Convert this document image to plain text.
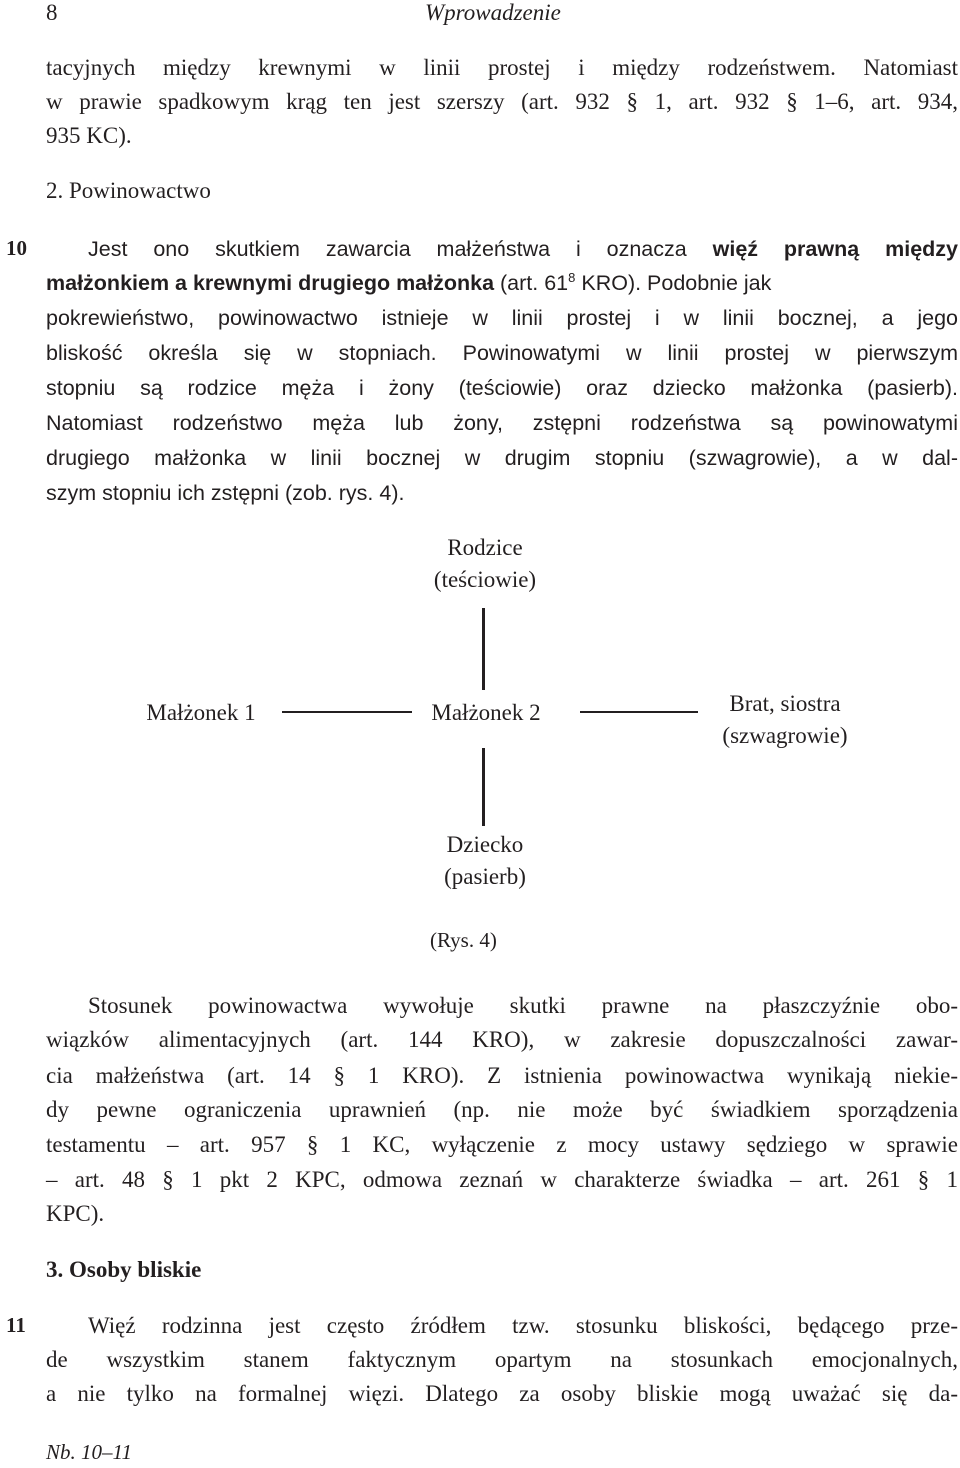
8	Wprowadzenie
tacyjnych między krewnymi w linii prostej i między rodzeństwem. Natomiast
w prawie spadkowym krąg ten jest szerszy (art. 932 § 1, art. 932 § 1–6, art. 934,
935 KC).
2. Powinowactwo
10	Jest ono skutkiem zawarcia małżeństwa i oznacza więź prawną między
małżonkiem a krewnymi drugiego małżonka (art. $61^8$ KRO). Podobnie jak
pokrewieństwo, powinowactwo istnieje w linii prostej i w linii bocznej, a jego
bliskość określa się w stopniach. Powinowatymi w linii prostej w pierwszym
stopniu są rodzice męża i żony (teściowie) oraz dziecko małżonka (pasierb).
Natomiast rodzeństwo męża lub żony, zstępni rodzeństwa są powinowatymi
drugiego małżonka w linii bocznej w drugim stopniu (szwagrowie), a w dal-
szym stopniu ich zstępni (zob. rys. 4).
Rodzice
(teściowie)
Małżonek 1	Małżonek 2	Brat, siostra
(szwagrowie)
Dziecko
(pasierb)
(Rys. 4)
Stosunek powinowactwa wywołuje skutki prawne na płaszczyźnie obo-
wiązków alimentacyjnych (art. 144 KRO), w zakresie dopuszczalności zawar-
cia małżeństwa (art. 14 § 1 KRO). Z istnienia powinowactwa wynikają niekie-
dy pewne ograniczenia uprawnień (np. nie może być świadkiem sporządzenia
testamentu – art. 957 § 1 KC, wyłączenie z mocy ustawy sędziego w sprawie
– art. 48 § 1 pkt 2 KPC, odmowa zeznań w charakterze świadka – art. 261 § 1
KPC).
3. Osoby bliskie
11	Więź rodzinna jest często źródłem tzw. stosunku bliskości, będącego prze-
de wszystkim stanem faktycznym opartym na stosunkach emocjonalnych,
a nie tylko na formalnej więzi. Dlatego za osoby bliskie mogą uważać się da-
Nb. 10–11
